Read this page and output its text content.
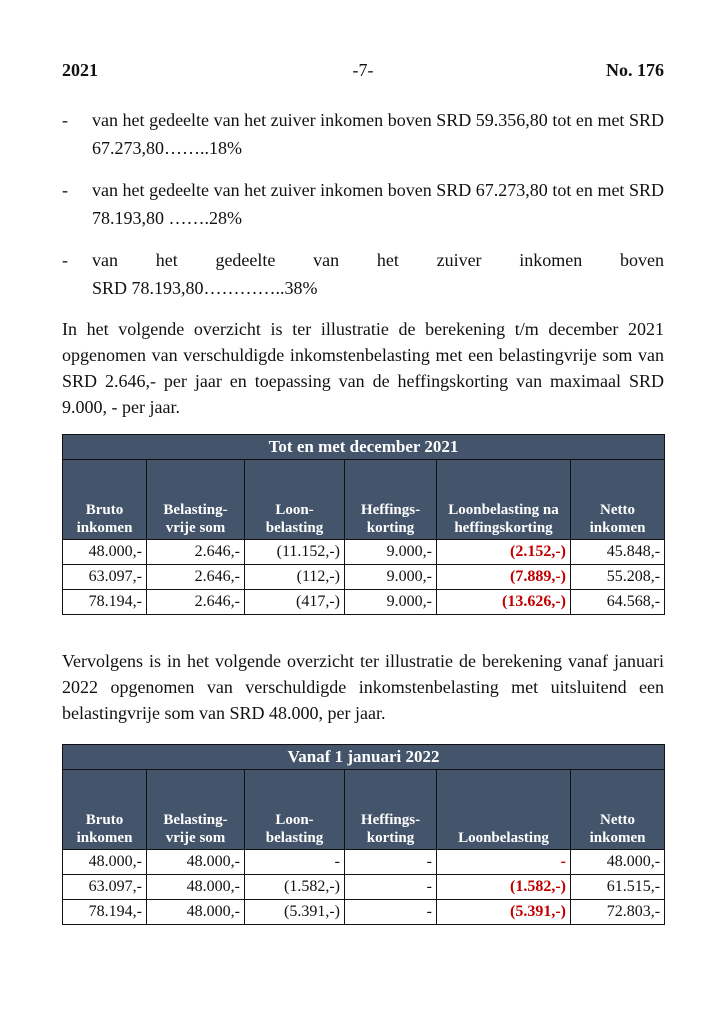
-7-
2021	No. 176
- van het gedeelte van het zuiver inkomen boven SRD 59.356,80 tot en met SRD 67.273,80……..18%
- van het gedeelte van het zuiver inkomen boven SRD 67.273,80 tot en met SRD 78.193,80 …….28%
- van het gedeelte van het zuiver inkomen boven
SRD 78.193,80…………..38%
In het volgende overzicht is ter illustratie de berekening t/m december 2021 opgenomen van verschuldigde inkomstenbelasting met een belastingvrije som van SRD 2.646,- per jaar en toepassing van de heffingskorting van maximaal SRD 9.000, - per jaar.
Tot en met december 2021					
Bruto inkomen	Belasting-vrije som	Loon-belasting	Heffings-korting	Loonbelasting na heffingskorting	Netto inkomen
48.000,-	2.646,-	(11.152,-)	9.000,-	(2.152,-)	45.848,-
63.097,-	2.646,-	(112,-)	9.000,-	(7.889,-)	55.208,-
78.194,-	2.646,-	(417,-)	9.000,-	(13.626,-)	64.568,-
Vervolgens is in het volgende overzicht ter illustratie de berekening vanaf januari 2022 opgenomen van verschuldigde inkomstenbelasting met uitsluitend een belastingvrije som van SRD 48.000, per jaar.
Vanaf 1 januari 2022					
Bruto inkomen	Belasting-vrije som	Loon-belasting	Heffings-korting	Loonbelasting	Netto inkomen
48.000,-	48.000,-	-	-	-	48.000,-
63.097,-	48.000,-	(1.582,-)	-	(1.582,-)	61.515,-
78.194,-	48.000,-	(5.391,-)	-	(5.391,-)	72.803,-
